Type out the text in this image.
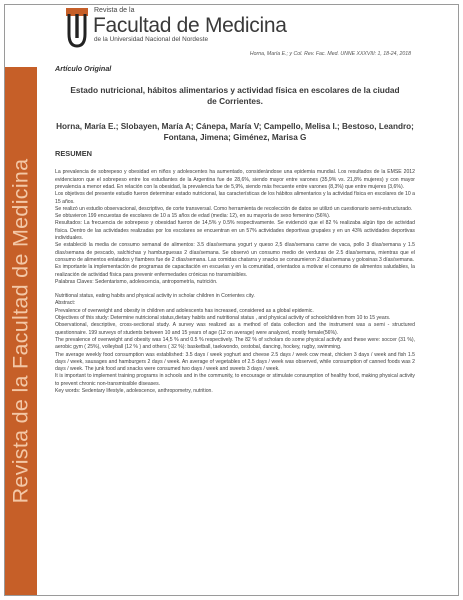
Revista de la Facultad de Medicina
Revista de la
Facultad de Medicina
de la Universidad Nacional del Nordeste
Horna, María E.; y Col. Rev. Fac. Med. UNNE XXXVIII: 1, 18-24, 2018
Artículo Original
Estado nutricional, hábitos alimentarios y actividad física en escolares de la ciudad de Corrientes.
Horna, María E.; Slobayen, María A; Cánepa, María V; Campello, Melisa I.; Bestoso, Leandro; Fontana, Jimena; Giménez, Marisa G
RESUMEN

La prevalencia de sobrepeso y obesidad en niños y adolescentes ha aumentado, considerándose una epidemia mundial. Los resultados de la EMSE 2012 evidenciaron que el sobrepeso entre los estudiantes de la Argentina fue de 28,6%, siendo mayor entre varones (35,9% vs. 21,8% mujeres) y con mayor prevalencia a menor edad. En relación con la obesidad, la prevalencia fue de 5,9%, siendo más frecuente entre varones (8,3%) que entre mujeres (3,6%).

Los objetivos del presente estudio fueron determinar estado nutricional, las características de los hábitos alimentarios y la actividad física en escolares de 10 a 15 años.

Se realizó un estudio observacional, descriptivo, de corte transversal. Como herramienta de recolección de datos se utilizó un cuestionario semi-estructurado.

Se obtuvieron 199 encuestas de escolares de 10 a 15 años de edad (media: 12), en su mayoría de sexo femenino (56%).

Resultados: La frecuencia de sobrepeso y obesidad fueron de 14,5% y 0.5% respectivamente. Se evidenció que el 82 % realizaba algún tipo de actividad física. Dentro de las actividades realizadas por los escolares se encuentran en un 57% actividades deportivas grupales y en un 43% actividades deportivas individuales.

Se estableció la media de consumo semanal de alimentos: 3.5 días/semana yogurt y queso 2,5 días/semana carne de vaca, pollo 3 días/semana y 1.5 días/semana de pescado, salchichas y hamburguesas 2 días/semana. Se observó un consumo medio de verduras de 2.5 días/semana, mientras que el consumo de alimentos enlatados y fiambres fue de 2 días/semana. Las comidas chatarra y snacks se consumieron 2 días/semana y golosinas 3 días/semana.

Es importante la implementación de programas de capacitación en escuelas y en la comunidad, orientados a motivar el consumo de alimentos saludables, la realización de actividad física para prevenir enfermedades crónicas no transmisibles.

Palabras Claves: Sedentarismo, adolescencia, antropometría, nutrición.

Nutritional status, eating habits and physical activity in scholar children in Corrientes city.

Abstract:

Prevalence of overweight and obesity in children and adolescents has increased, considered as a global epidemic.

Objectives of this study: Determine nutricional status,dietary habits and nutritional status , and physical activity of schoolchildren from 10 to 15 years.

Observational, descriptive, cross-sectional study. A survey was realized as a method of data collection and the instrument was a semi - structured questionnaire. 199 surveys of students between 10 and 15 years of age (12 on average) were analyzed, mostly female(56%).

The prevalence of overweight and obesity was 14,5 % and 0.5 % respectively. The 82 % of scholars do some physical activity and these were: soccer (31 %), aerobic gym ( 25%), volleyball (12 % ) and others ( 32 %): basketball, taekwondo, cestobal, dancing, hockey, rugby, swimming.

The average weekly food consumption was established: 3.5 days / week yoghurt and cheese 2.5 days / week cow meat, chicken 3 days / week and fish 1.5 days / week, sausages and hamburgers 2 days / week. An average of vegetables of 2.5 days / week was observed, while consumption of canned foods was 2 days / week. The junk food and snacks were consumed two days / week and sweets 3 days / week.

It is important to implement training programs in schools and in the community, to encourage or stimulate consumption of healthy food, making physical activity to prevent chronic non-transmissible diseases.

Key words: Sedentary lifestyle, adolescence, anthropometry, nutrition.
